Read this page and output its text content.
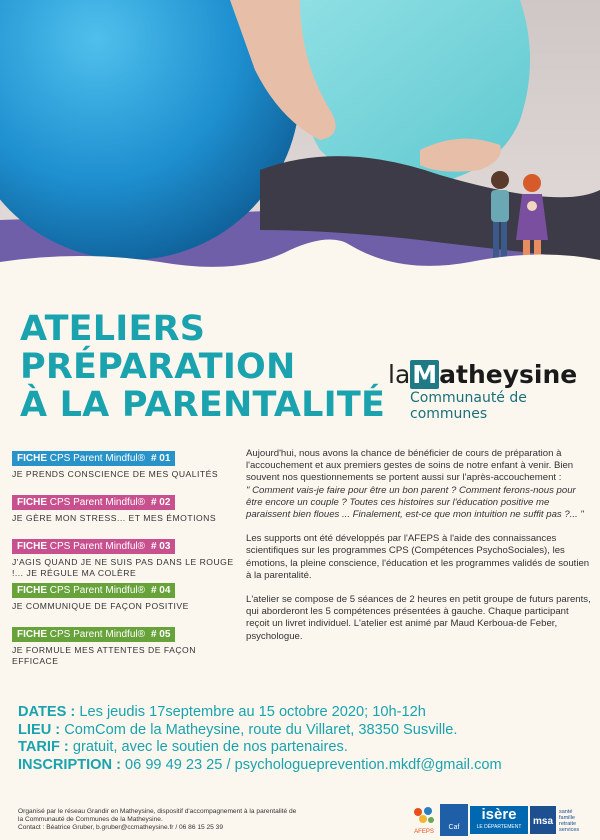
ATELIERS PRÉPARATION
À LA PARENTALITÉ
laMatheysine
Communauté de communes
FICHE CPS Parent Mindful® # 01
JE PRENDS CONSCIENCE DE MES QUALITÉS
FICHE CPS Parent Mindful® # 02
JE GÈRE MON STRESS... ET MES ÉMOTIONS
FICHE CPS Parent Mindful® # 03
J'AGIS QUAND JE NE SUIS PAS DANS LE ROUGE !... JE RÉGULE MA COLÈRE
FICHE CPS Parent Mindful® # 04
JE COMMUNIQUE DE FAÇON POSITIVE
FICHE CPS Parent Mindful® # 05
JE FORMULE MES ATTENTES DE FAÇON EFFICACE

Aujourd'hui, nous avons la chance de bénéficier de cours de préparation à l'accouchement et aux premiers gestes de soins de notre enfant à venir. Bien souvent nos questionnements se portent aussi sur l'après-accouchement :
" Comment vais-je faire pour être un bon parent ? Comment ferons-nous pour être encore un couple ? Toutes ces histoires sur l'éducation positive me paraissent bien floues ... Finalement, est-ce que mon intuition ne suffit pas ?... "

Les supports ont été développés par l'AFEPS à l'aide des connaissances scientifiques sur les programmes CPS (Compétences PsychoSociales), les émotions, la pleine conscience, l'éducation et les programmes validés de soutien à la parentalité.

L'atelier se compose de 5 séances de 2 heures en petit groupe de futurs parents, qui aborderont les 5 compétences présentées à gauche. Chaque participant reçoit un livret individuel. L'atelier est animé par Maud Kerboua-de Feber, psychologue.

DATES : Les jeudis 17septembre au 15 octobre 2020; 10h-12h
LIEU : ComCom de la Matheysine, route du Villaret, 38350 Susville.
TARIF : gratuit, avec le soutien de nos partenaires.
INSCRIPTION : 06 99 49 23 25 / psychologueprevention.mkdf@gmail.com
Organisé par le réseau Grandir en Matheysine, dispositif d'accompagnement à la parentalité de
la Communauté de Communes de la Matheysine.
Contact : Béatrice Gruber, b.gruber@ccmatheysine.fr / 06 86 15 25 39
AFEPS
Caf
isère
LE DÉPARTEMENT	msa
santé
famille
retraite
services
